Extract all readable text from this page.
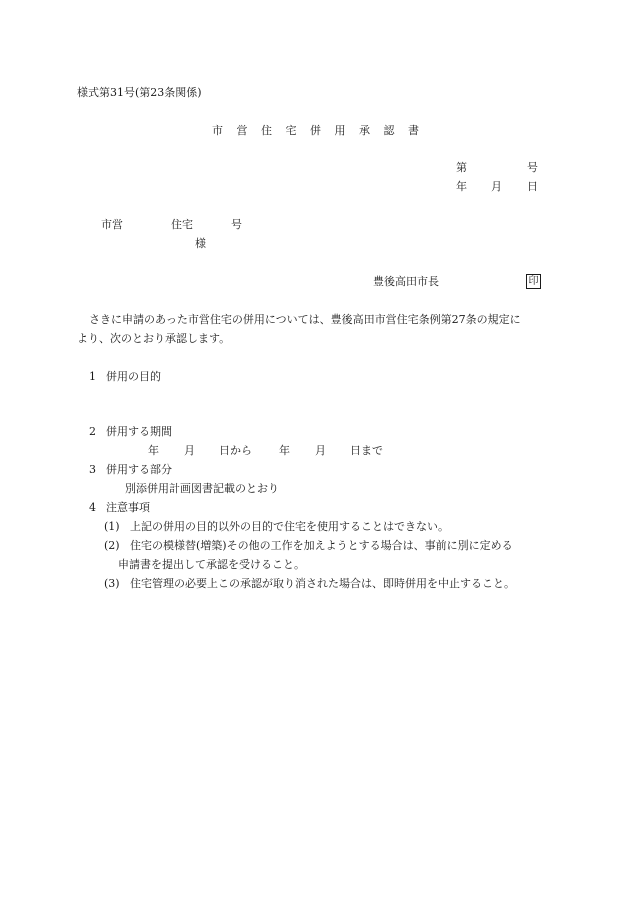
様式第31号(第23条関係)
市 営 住 宅 併 用 承 認 書
第	号
年 月 日
市営	住宅	号
様
豊後高田市長	印
さきに申請のあった市営住宅の併用については、豊後高田市営住宅条例第27条の規定に
より、次のとおり承認します。
1 併用の目的
2 併用する期間
年 月 日から 年 月 日まで
3 併用する部分
別添併用計画図書記載のとおり
4 注意事項
(1) 上記の併用の目的以外の目的で住宅を使用することはできない。
(2) 住宅の模様替(増築)その他の工作を加えようとする場合は、事前に別に定める
申請書を提出して承認を受けること。
(3) 住宅管理の必要上この承認が取り消された場合は、即時併用を中止すること。
